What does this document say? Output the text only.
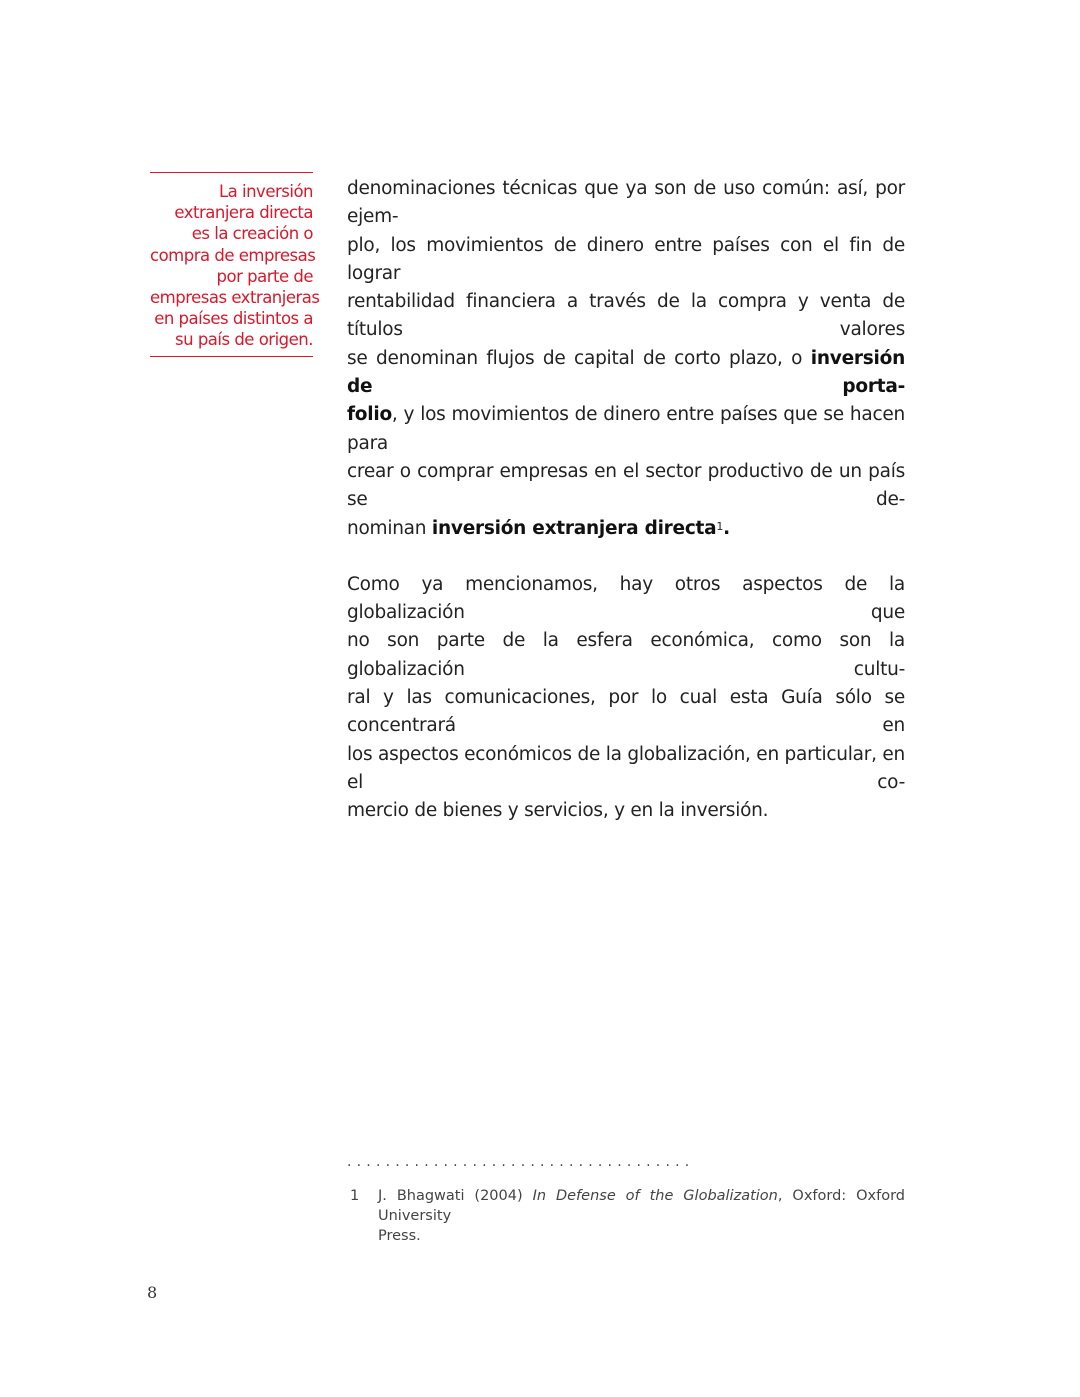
La inversión
extranjera directa
es la creación o
compra de empresas
por parte de
empresas extranjeras
en países distintos a
su país de origen.

denominaciones técnicas que ya son de uso común: así, por ejem-
plo, los movimientos de dinero entre países con el fin de lograr
rentabilidad financiera a través de la compra y venta de títulos valores
se denominan flujos de capital de corto plazo, o inversión de porta-
folio, y los movimientos de dinero entre países que se hacen para
crear o comprar empresas en el sector productivo de un país se de-
nominan inversión extranjera directa$^1$.

Como ya mencionamos, hay otros aspectos de la globalización que
no son parte de la esfera económica, como son la globalización cultu-
ral y las comunicaciones, por lo cual esta Guía sólo se concentrará en
los aspectos económicos de la globalización, en particular, en el co-
mercio de bienes y servicios, y en la inversión.

....................................
1 J. Bhagwati (2004) In Defense of the Globalization, Oxford: Oxford University
Press.
8
